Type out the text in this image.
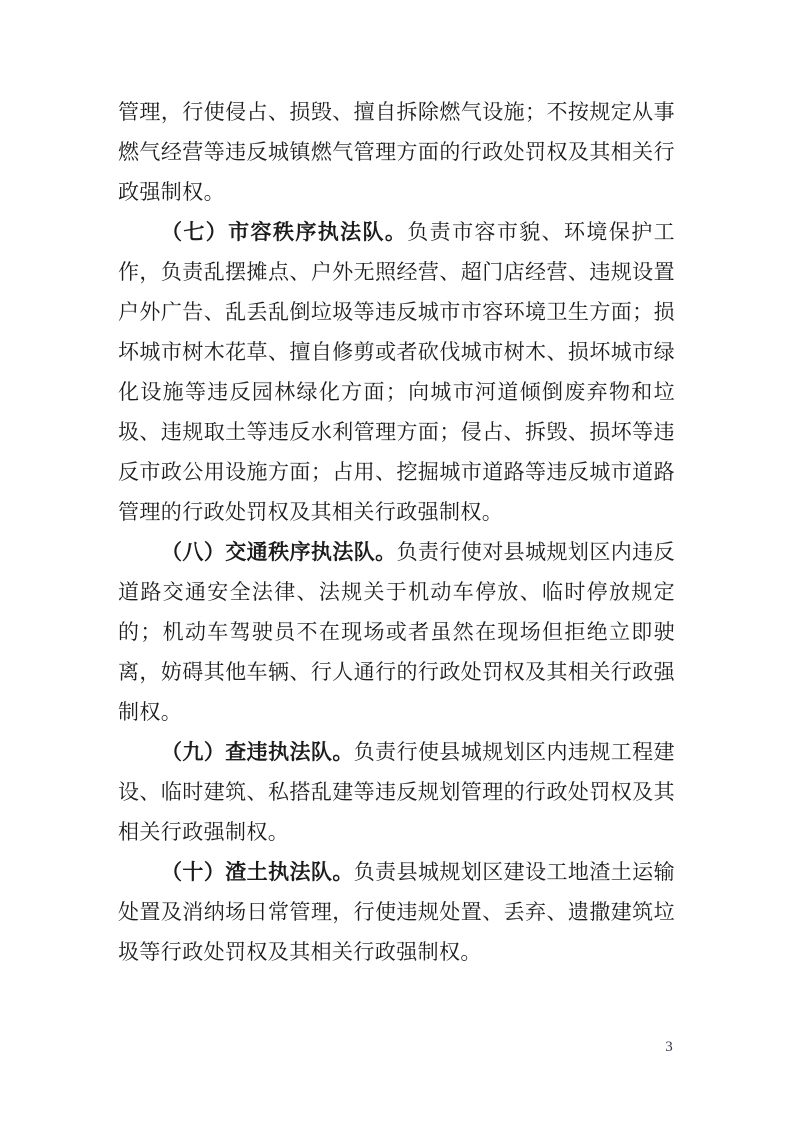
管理，行使侵占、损毁、擅自拆除燃气设施；不按规定从事燃气经营等违反城镇燃气管理方面的行政处罚权及其相关行政强制权。

（七）市容秩序执法队。负责市容市貌、环境保护工作，负责乱摆摊点、户外无照经营、超门店经营、违规设置户外广告、乱丢乱倒垃圾等违反城市市容环境卫生方面；损坏城市树木花草、擅自修剪或者砍伐城市树木、损坏城市绿化设施等违反园林绿化方面；向城市河道倾倒废弃物和垃圾、违规取土等违反水利管理方面；侵占、拆毁、损坏等违反市政公用设施方面；占用、挖掘城市道路等违反城市道路管理的行政处罚权及其相关行政强制权。

（八）交通秩序执法队。负责行使对县城规划区内违反道路交通安全法律、法规关于机动车停放、临时停放规定的；机动车驾驶员不在现场或者虽然在现场但拒绝立即驶离，妨碍其他车辆、行人通行的行政处罚权及其相关行政强制权。

（九）查违执法队。负责行使县城规划区内违规工程建设、临时建筑、私搭乱建等违反规划管理的行政处罚权及其相关行政强制权。

（十）渣土执法队。负责县城规划区建设工地渣土运输处置及消纳场日常管理，行使违规处置、丢弃、遗撒建筑垃圾等行政处罚权及其相关行政强制权。

3
